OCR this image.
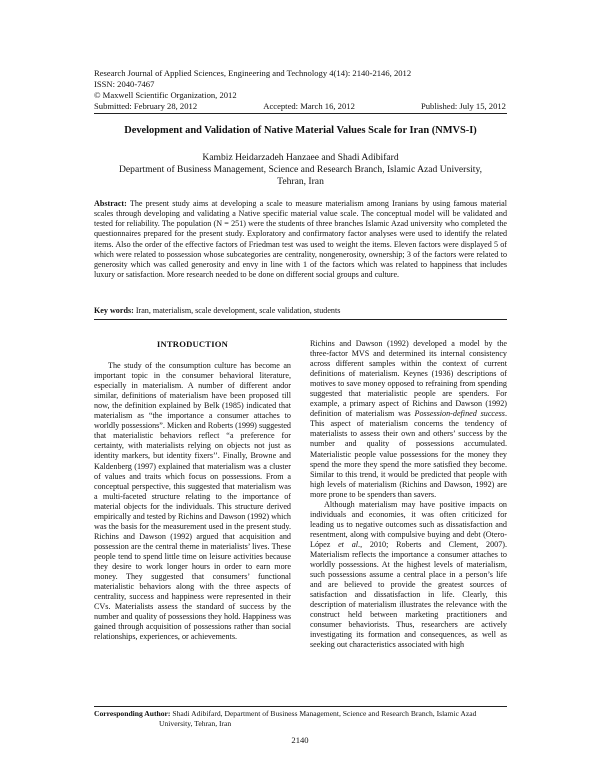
Research Journal of Applied Sciences, Engineering and Technology 4(14): 2140-2146, 2012
ISSN: 2040-7467
© Maxwell Scientific Organization, 2012
Submitted: February 28, 2012	Accepted: March 16, 2012	Published: July 15, 2012
Development and Validation of Native Material Values Scale for Iran (NMVS-I)
Kambiz Heidarzadeh Hanzaee and Shadi Adibifard
Department of Business Management, Science and Research Branch, Islamic Azad University,
Tehran, Iran
Abstract: The present study aims at developing a scale to measure materialism among Iranians by using famous material scales through developing and validating a Native specific material value scale. The conceptual model will be validated and tested for reliability. The population (N = 251) were the students of three branches Islamic Azad university who completed the questionnaires prepared for the present study. Exploratory and confirmatory factor analyses were used to identify the related items. Also the order of the effective factors of Friedman test was used to weight the items. Eleven factors were displayed 5 of which were related to possession whose subcategories are centrality, nongenerosity, ownership; 3 of the factors were related to generosity which was called generosity and envy in line with 1 of the factors which was related to happiness that includes luxury or satisfaction. More research needed to be done on different social groups and culture.
Key words: Iran, materialism, scale development, scale validation, students
INTRODUCTION

The study of the consumption culture has become an important topic in the consumer behavioral literature, especially in materialism. A number of different andor similar, definitions of materialism have been proposed till now, the definition explained by Belk (1985) indicated that materialism as “the importance a consumer attaches to worldly possessions”. Micken and Roberts (1999) suggested that materialistic behaviors reflect “a preference for certainty, with materialists relying on objects not just as identity markers, but identity fixers’’. Finally, Browne and Kaldenberg (1997) explained that materialism was a cluster of values and traits which focus on possessions. From a conceptual perspective, this suggested that materialism was a multi-faceted structure relating to the importance of material objects for the individuals. This structure derived empirically and tested by Richins and Dawson (1992) which was the basis for the measurement used in the present study. Richins and Dawson (1992) argued that acquisition and possession are the central theme in materialists’ lives. These people tend to spend little time on leisure activities because they desire to work longer hours in order to earn more money. They suggested that consumers’ functional materialistic behaviors along with the three aspects of centrality, success and happiness were represented in their CVs. Materialists assess the standard of success by the number and quality of possessions they hold. Happiness was gained through acquisition of possessions rather than social relationships, experiences, or achievements.

Richins and Dawson (1992) developed a model by the three-factor MVS and determined its internal consistency across different samples within the context of current definitions of materialism. Keynes (1936) descriptions of motives to save money opposed to refraining from spending suggested that materialistic people are spenders. For example, a primary aspect of Richins and Dawson (1992) definition of materialism was Possession-defined success. This aspect of materialism concerns the tendency of materialists to assess their own and others’ success by the number and quality of possessions accumulated. Materialistic people value possessions for the money they spend the more they spend the more satisfied they become. Similar to this trend, it would be predicted that people with high levels of materialism (Richins and Dawson, 1992) are more prone to be spenders than savers.

Although materialism may have positive impacts on individuals and economies, it was often criticized for leading us to negative outcomes such as dissatisfaction and resentment, along with compulsive buying and debt (Otero-López et al., 2010; Roberts and Clement, 2007). Materialism reflects the importance a consumer attaches to worldly possessions. At the highest levels of materialism, such possessions assume a central place in a person’s life and are believed to provide the greatest sources of satisfaction and dissatisfaction in life. Clearly, this description of materialism illustrates the relevance with the construct held between marketing practitioners and consumer behaviorists. Thus, researchers are actively investigating its formation and consequences, as well as seeking out characteristics associated with high

Corresponding Author: Shadi Adibifard, Department of Business Management, Science and Research Branch, Islamic Azad
University, Tehran, Iran
2140
